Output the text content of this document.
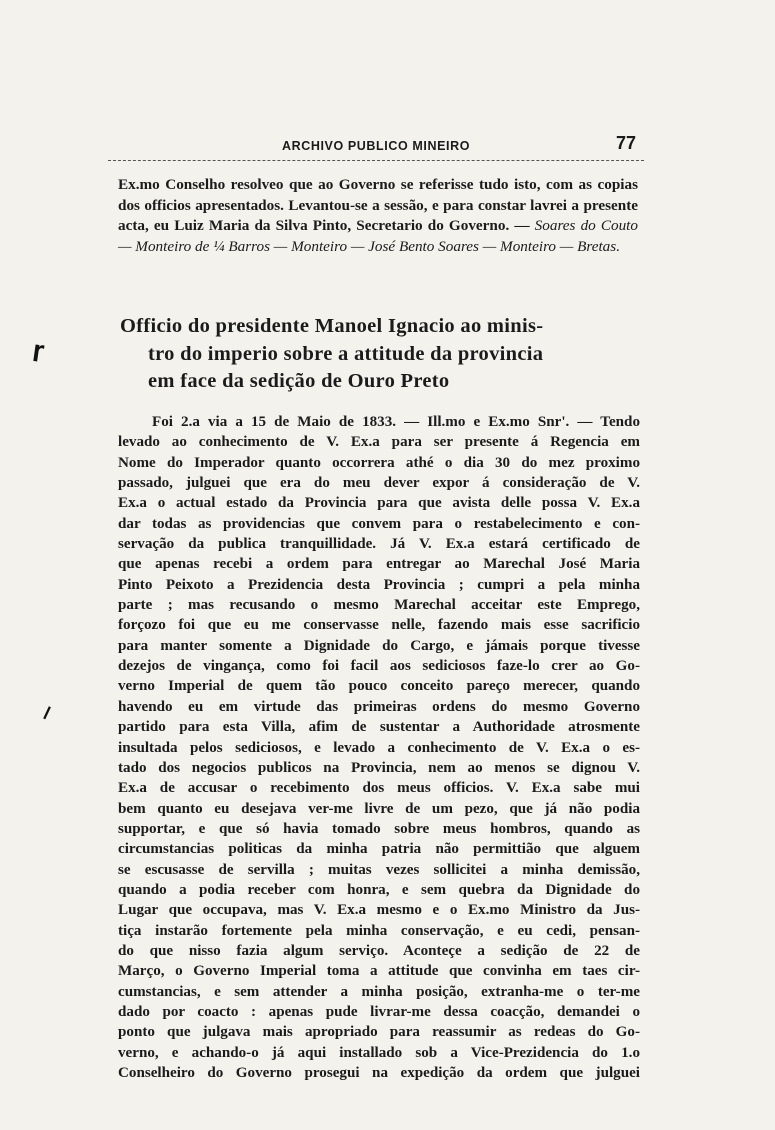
ARCHIVO PUBLICO MINEIRO	77
Ex.mo Conselho resolveo que ao Governo se referisse tudo isto, com as copias dos officios apresentados. Levantou-se a sessão, e para constar lavrei a presente acta, eu Luiz Maria da Silva Pinto, Secretario do Governo. — Soares do Couto — Monteiro de ¼ Barros — Monteiro — José Bento Soares — Monteiro — Bretas.
Officio do presidente Manoel Ignacio ao minis-
tro do imperio sobre a attitude da provincia
em face da sedição de Ouro Preto
Foi 2.a via a 15 de Maio de 1833. — Ill.mo e Ex.mo Snr'. — Tendo
levado ao conhecimento de V. Ex.a para ser presente á Regencia em
Nome do Imperador quanto occorrera athé o dia 30 do mez proximo
passado, julguei que era do meu dever expor á consideração de V.
Ex.a o actual estado da Provincia para que avista delle possa V. Ex.a
dar todas as providencias que convem para o restabelecimento e con-
servação da publica tranquillidade. Já V. Ex.a estará certificado de
que apenas recebi a ordem para entregar ao Marechal José Maria
Pinto Peixoto a Prezidencia desta Provincia ; cumpri a pela minha
parte ; mas recusando o mesmo Marechal acceitar este Emprego,
forçozo foi que eu me conservasse nelle, fazendo mais esse sacrificio
para manter somente a Dignidade do Cargo, e jámais porque tivesse
dezejos de vingança, como foi facil aos sediciosos faze-lo crer ao Go-
verno Imperial de quem tão pouco conceito pareço merecer, quando
havendo eu em virtude das primeiras ordens do mesmo Governo
partido para esta Villa, afim de sustentar a Authoridade atrosmente
insultada pelos sediciosos, e levado a conhecimento de V. Ex.a o es-
tado dos negocios publicos na Provincia, nem ao menos se dignou V.
Ex.a de accusar o recebimento dos meus officios. V. Ex.a sabe mui
bem quanto eu desejava ver-me livre de um pezo, que já não podia
supportar, e que só havia tomado sobre meus hombros, quando as
circumstancias politicas da minha patria não permittião que alguem
se escusasse de servilla ; muitas vezes sollicitei a minha demissão,
quando a podia receber com honra, e sem quebra da Dignidade do
Lugar que occupava, mas V. Ex.a mesmo e o Ex.mo Ministro da Jus-
tiça instarão fortemente pela minha conservação, e eu cedi, pensan-
do que nisso fazia algum serviço. Aconteçe a sedição de 22 de
Março, o Governo Imperial toma a attitude que convinha em taes cir-
cumstancias, e sem attender a minha posição, extranha-me o ter-me
dado por coacto : apenas pude livrar-me dessa coacção, demandei o
ponto que julgava mais apropriado para reassumir as redeas do Go-
verno, e achando-o já aqui installado sob a Vice-Prezidencia do 1.o
Conselheiro do Governo prosegui na expedição da ordem que julguei
ɼ
⸝
